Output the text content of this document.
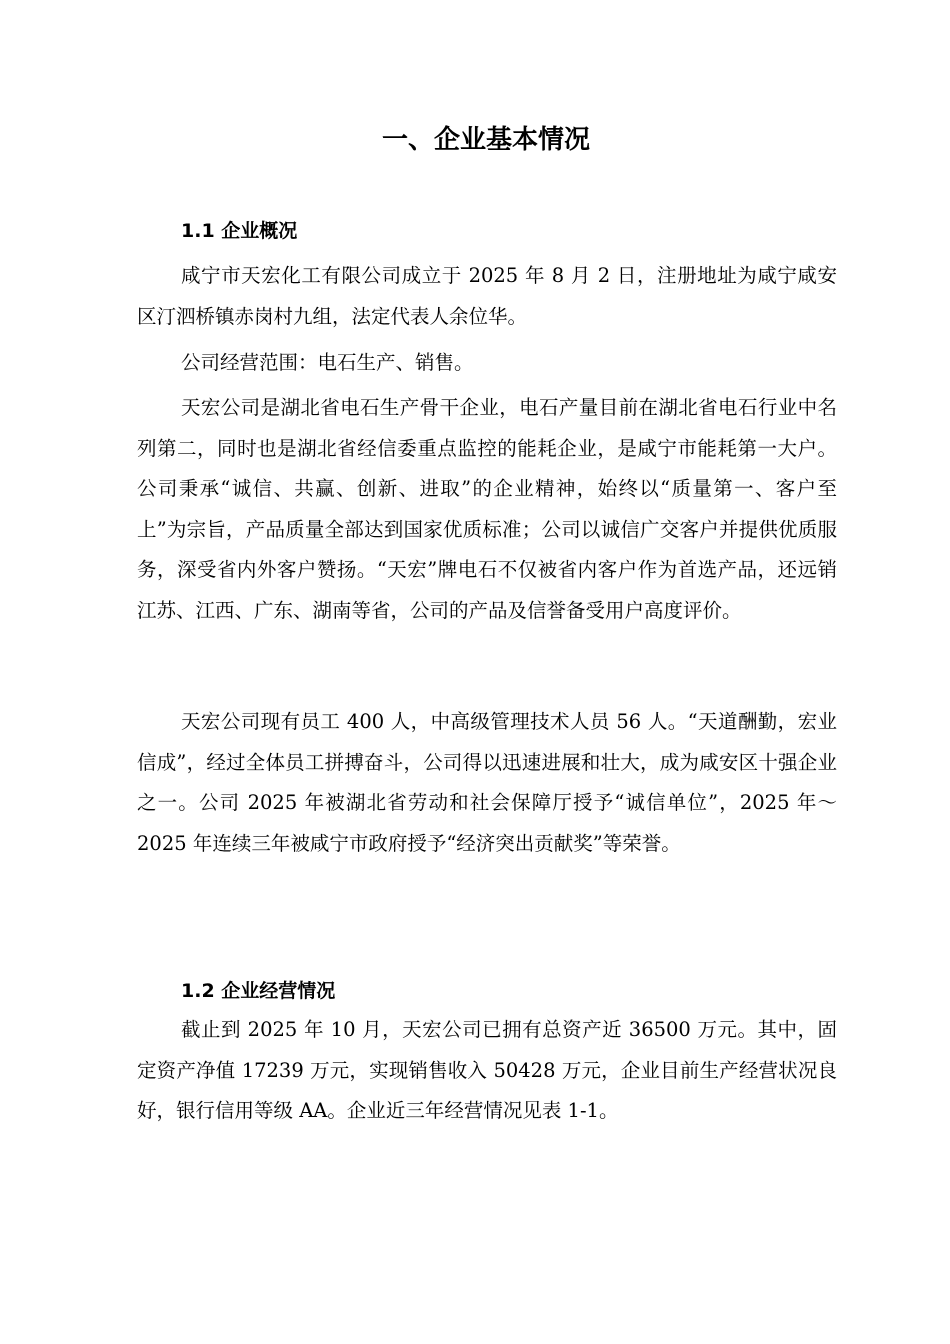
一、企业基本情况
1.1 企业概况

咸宁市天宏化工有限公司成立于 2025 年 8 月 2 日，注册地址为咸宁咸安区汀泗桥镇赤岗村九组，法定代表人余位华。

公司经营范围：电石生产、销售。

天宏公司是湖北省电石生产骨干企业，电石产量目前在湖北省电石行业中名列第二，同时也是湖北省经信委重点监控的能耗企业，是咸宁市能耗第一大户。公司秉承“诚信、共赢、创新、进取”的企业精神，始终以“质量第一、客户至上”为宗旨，产品质量全部达到国家优质标准；公司以诚信广交客户并提供优质服务，深受省内外客户赞扬。“天宏”牌电石不仅被省内客户作为首选产品，还远销江苏、江西、广东、湖南等省，公司的产品及信誉备受用户高度评价。

天宏公司现有员工 400 人，中高级管理技术人员 56 人。“天道酬勤，宏业信成”，经过全体员工拼搏奋斗，公司得以迅速进展和壮大，成为咸安区十强企业之一。公司 2025 年被湖北省劳动和社会保障厅授予“诚信单位”，2025 年～2025 年连续三年被咸宁市政府授予“经济突出贡献奖”等荣誉。

1.2 企业经营情况

截止到 2025 年 10 月，天宏公司已拥有总资产近 36500 万元。其中，固定资产净值 17239 万元，实现销售收入 50428 万元，企业目前生产经营状况良好，银行信用等级 AA。企业近三年经营情况见表 1-1。
